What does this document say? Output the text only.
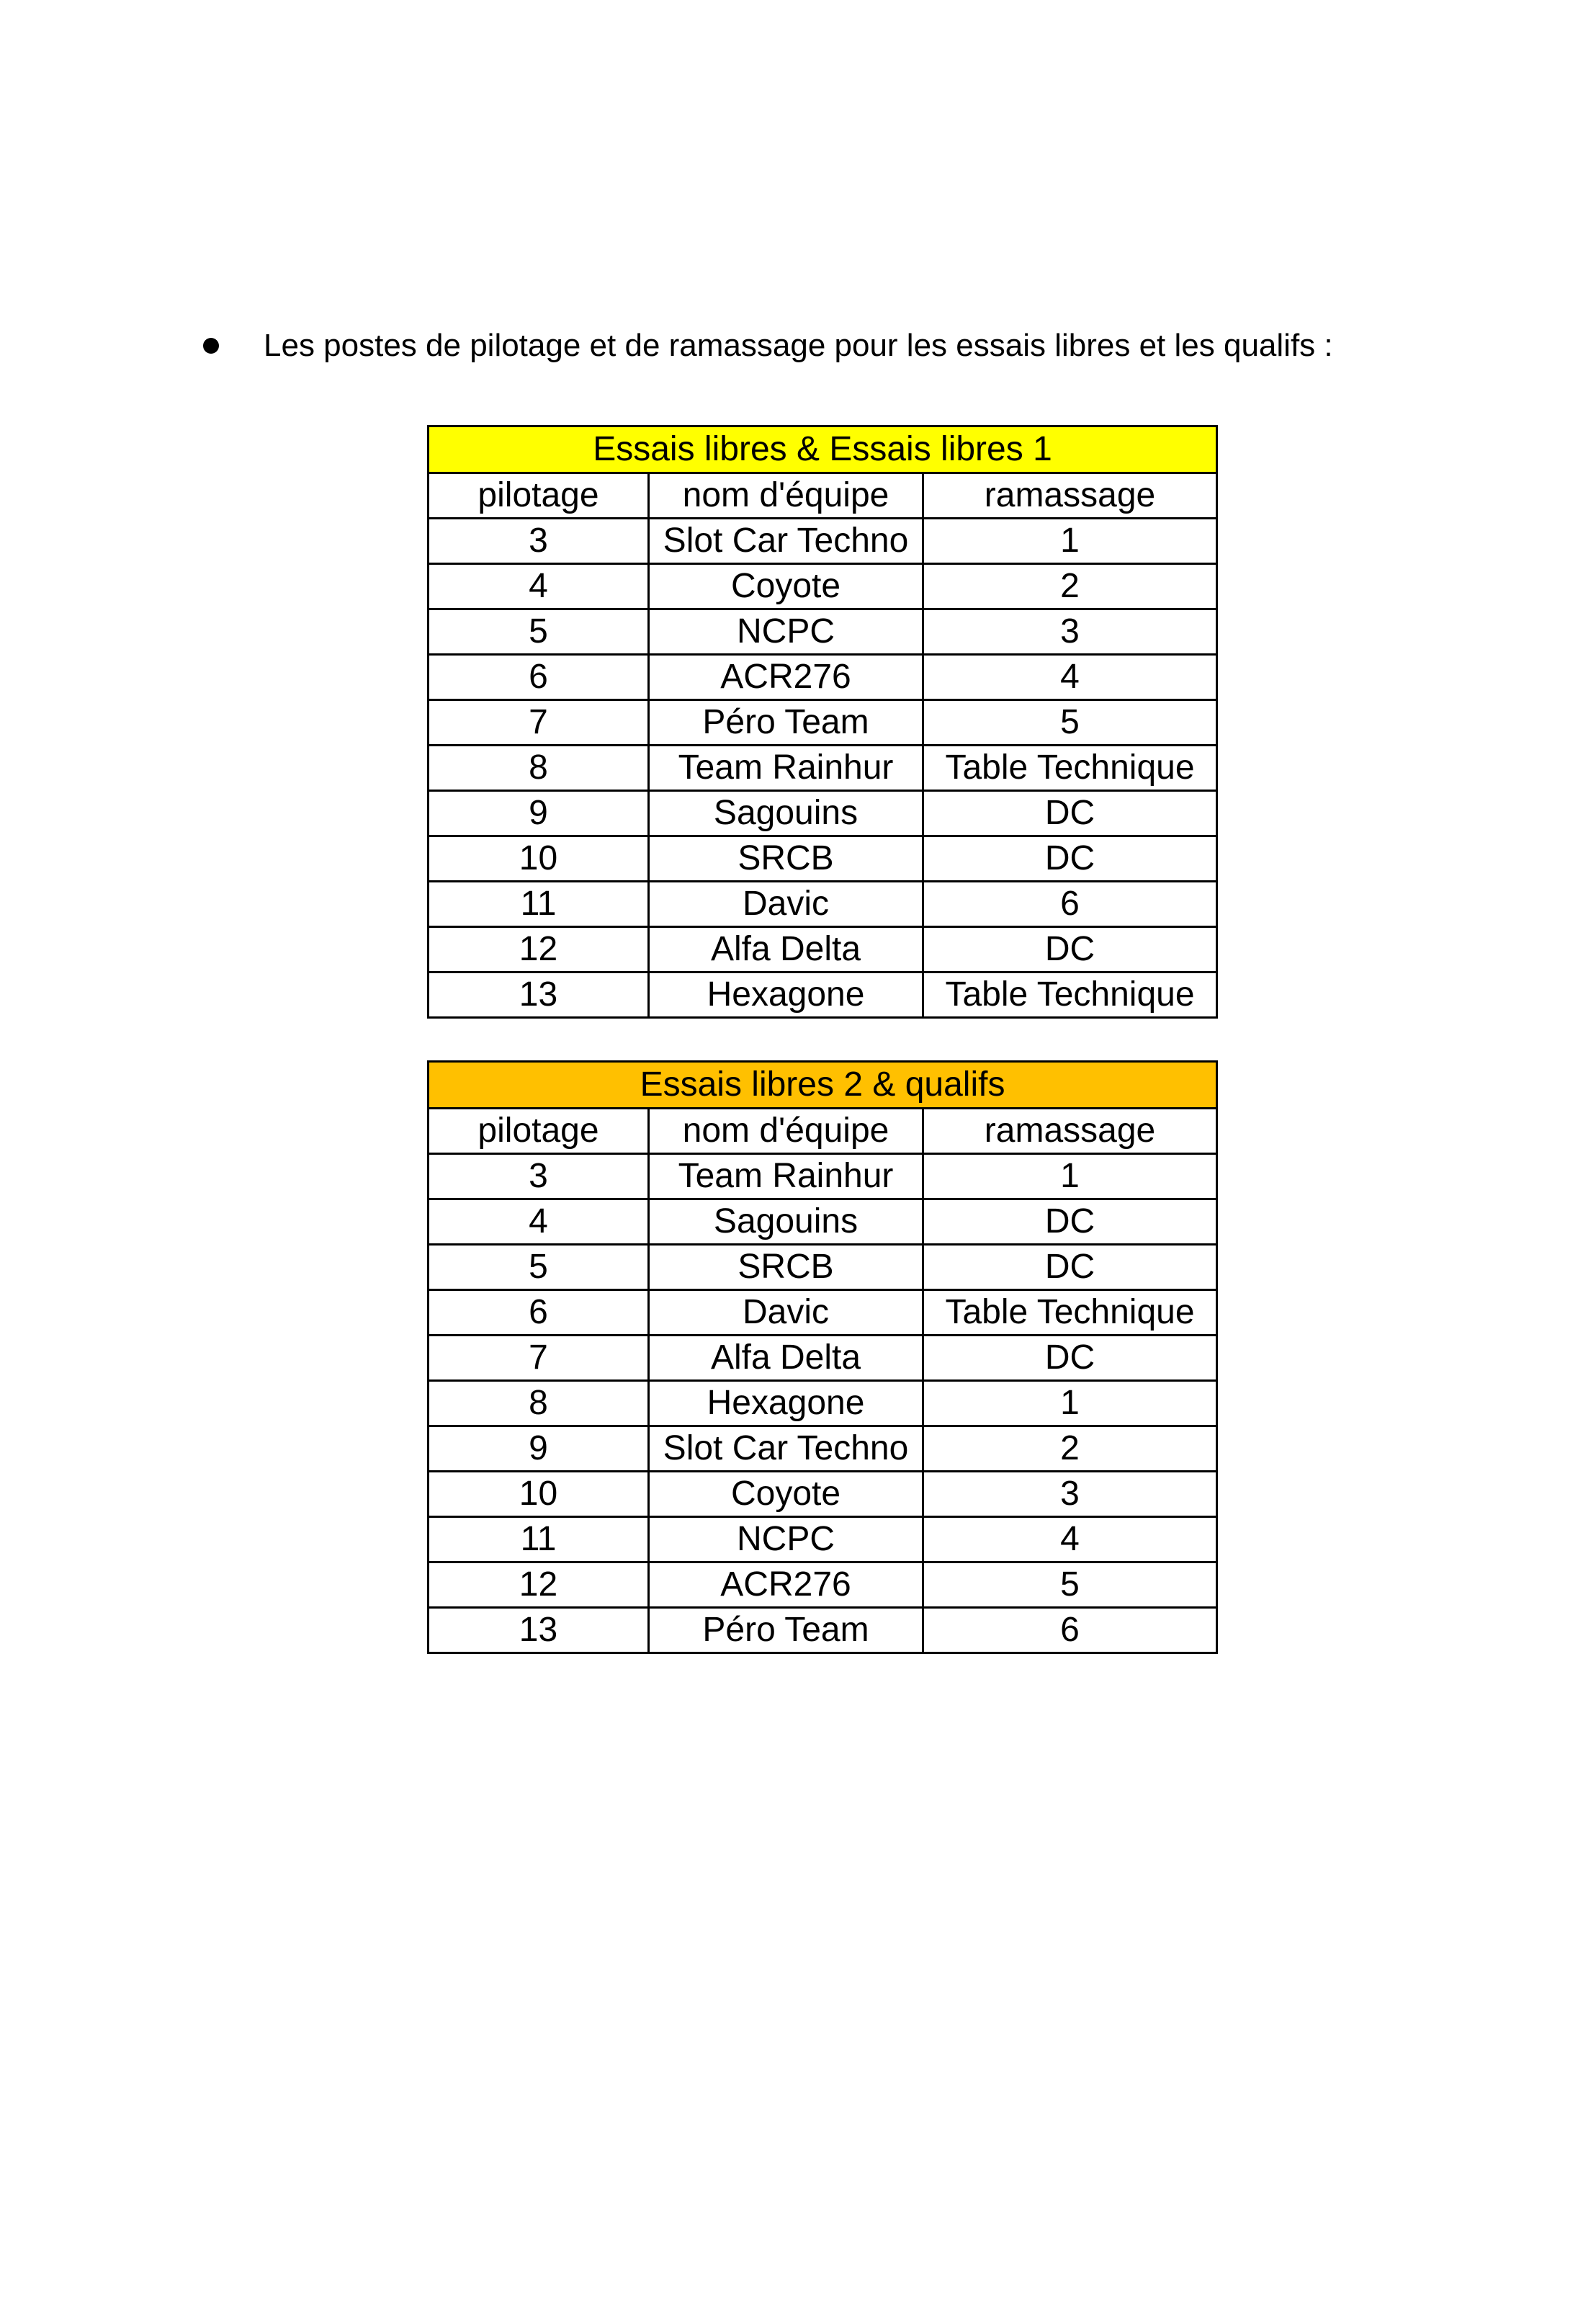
Les postes de pilotage et de ramassage pour les essais libres et les qualifs :
Essais libres & Essais libres 1		
pilotage	nom d'équipe	ramassage
3	Slot Car Techno	1
4	Coyote	2
5	NCPC	3
6	ACR276	4
7	Péro Team	5
8	Team Rainhur	Table Technique
9	Sagouins	DC
10	SRCB	DC
11	Davic	6
12	Alfa Delta	DC
13	Hexagone	Table Technique
Essais libres 2 & qualifs		
pilotage	nom d'équipe	ramassage
3	Team Rainhur	1
4	Sagouins	DC
5	SRCB	DC
6	Davic	Table Technique
7	Alfa Delta	DC
8	Hexagone	1
9	Slot Car Techno	2
10	Coyote	3
11	NCPC	4
12	ACR276	5
13	Péro Team	6
